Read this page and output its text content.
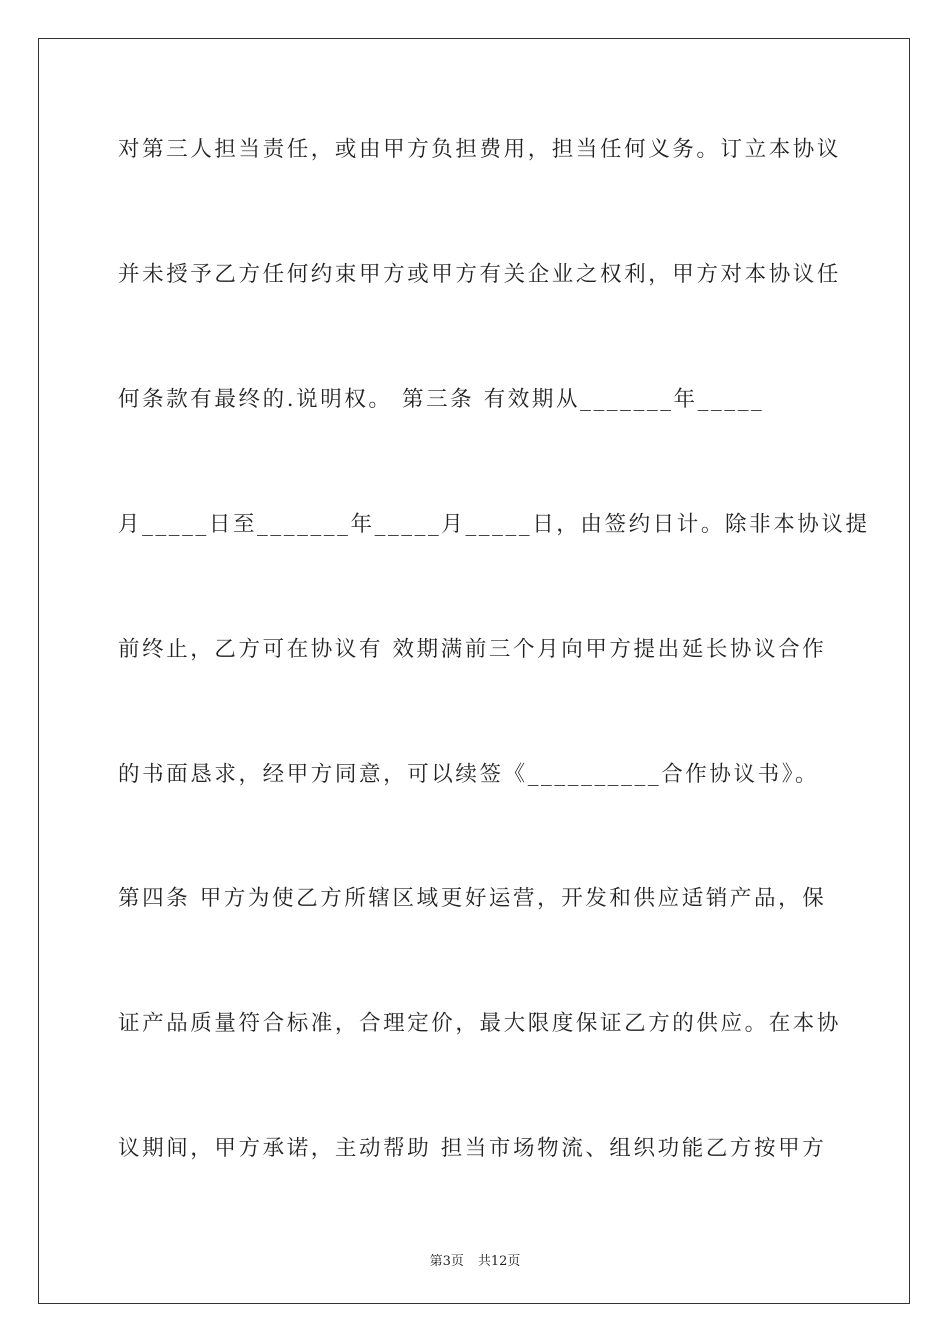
对第三人担当责任，或由甲方负担费用，担当任何义务。订立本协议
并未授予乙方任何约束甲方或甲方有关企业之权利，甲方对本协议任
何条款有最终的.说明权。 第三条 有效期从_______年_____
月_____日至_______年_____月_____日，由签约日计。除非本协议提
前终止，乙方可在协议有 效期满前三个月向甲方提出延长协议合作
的书面恳求，经甲方同意，可以续签《__________合作协议书》。
第四条 甲方为使乙方所辖区域更好运营，开发和供应适销产品，保
证产品质量符合标准，合理定价，最大限度保证乙方的供应。在本协
议期间，甲方承诺，主动帮助 担当市场物流、组织功能乙方按甲方
第3页 共12页
